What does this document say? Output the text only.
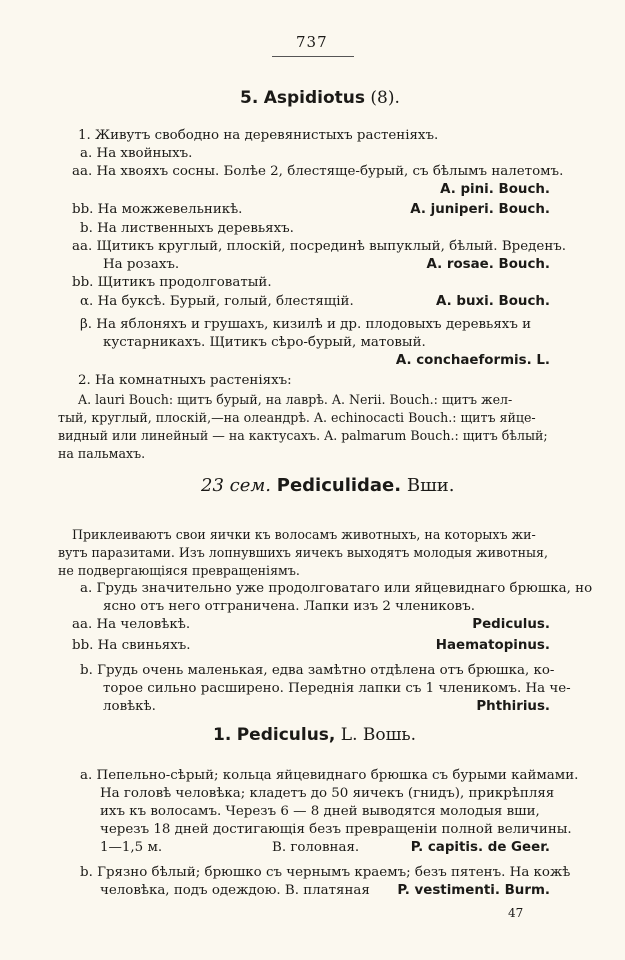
737
5. Aspidiotus (8).
1. Живутъ свободно на деревянистыхъ растенiяхъ.
a. На хвойныхъ.
aa. На хвояхъ сосны. Болѣе 2, блестяще-бурый, съ бѣлымъ налетомъ.
A. pini. Bouch.
bb. На можжевельникѣ.	A. juniperi. Bouch.
b. На лиственныхъ деревьяхъ.
aa. Щитикъ круглый, плоскiй, посрединѣ выпуклый, бѣлый. Вреденъ.
На розахъ.	A. rosae. Bouch.
bb. Щитикъ продолговатый.
α. На буксѣ. Бурый, голый, блестящiй.	A. buxi. Bouch.
β. На яблоняхъ и грушахъ, кизилѣ и др. плодовыхъ деревьяхъ и
кустарникахъ. Щитикъ сѣро-бурый, матовый.
A. conchaeformis. L.
2. На комнатныхъ растенiяхъ:
A. lauri Bouch: щитъ бурый, на лаврѣ. A. Nerii. Bouch.: щитъ жел-
тый, круглый, плоскiй,—на олеандрѣ. A. echinocacti Bouch.: щитъ яйце-
видный или линейный — на кактусахъ. A. palmarum Bouch.: щитъ бѣлый;
на пальмахъ.
23 сем. Pediculidae. Вши.
Приклеиваютъ свои яички къ волосамъ животныхъ, на которыхъ жи-
вутъ паразитами. Изъ лопнувшихъ яичекъ выходятъ молодыя животныя,
не подвергающiяся превращенiямъ.
a. Грудь значительно уже продолговатаго или яйцевиднаго брюшка, но
ясно отъ него отграничена. Лапки изъ 2 члениковъ.
aa. На человѣкѣ.	Pediculus.
bb. На свиньяхъ.	Haematopinus.
b. Грудь очень маленькая, едва замѣтно отдѣлена отъ брюшка, ко-
торое сильно расширено. Переднiя лапки съ 1 членикомъ. На че-
ловѣкѣ.	Phthirius.
1. Pediculus, L. Вошь.
a. Пепельно-сѣрый; кольца яйцевиднаго брюшка съ бурыми каймами.
На головѣ человѣка; кладетъ до 50 яичекъ (гнидъ), прикрѣпляя
ихъ къ волосамъ. Черезъ 6 — 8 дней выводятся молодыя вши,
черезъ 18 дней достигающiя безъ превращенiи полной величины.
1—1,5 м.	В. головная.	P. capitis. de Geer.
b. Грязно бѣлый; брюшко съ чернымъ краемъ; безъ пятенъ. На кожѣ
человѣка, подъ одеждою. В. платяная P. vestimenti. Burm.
47
